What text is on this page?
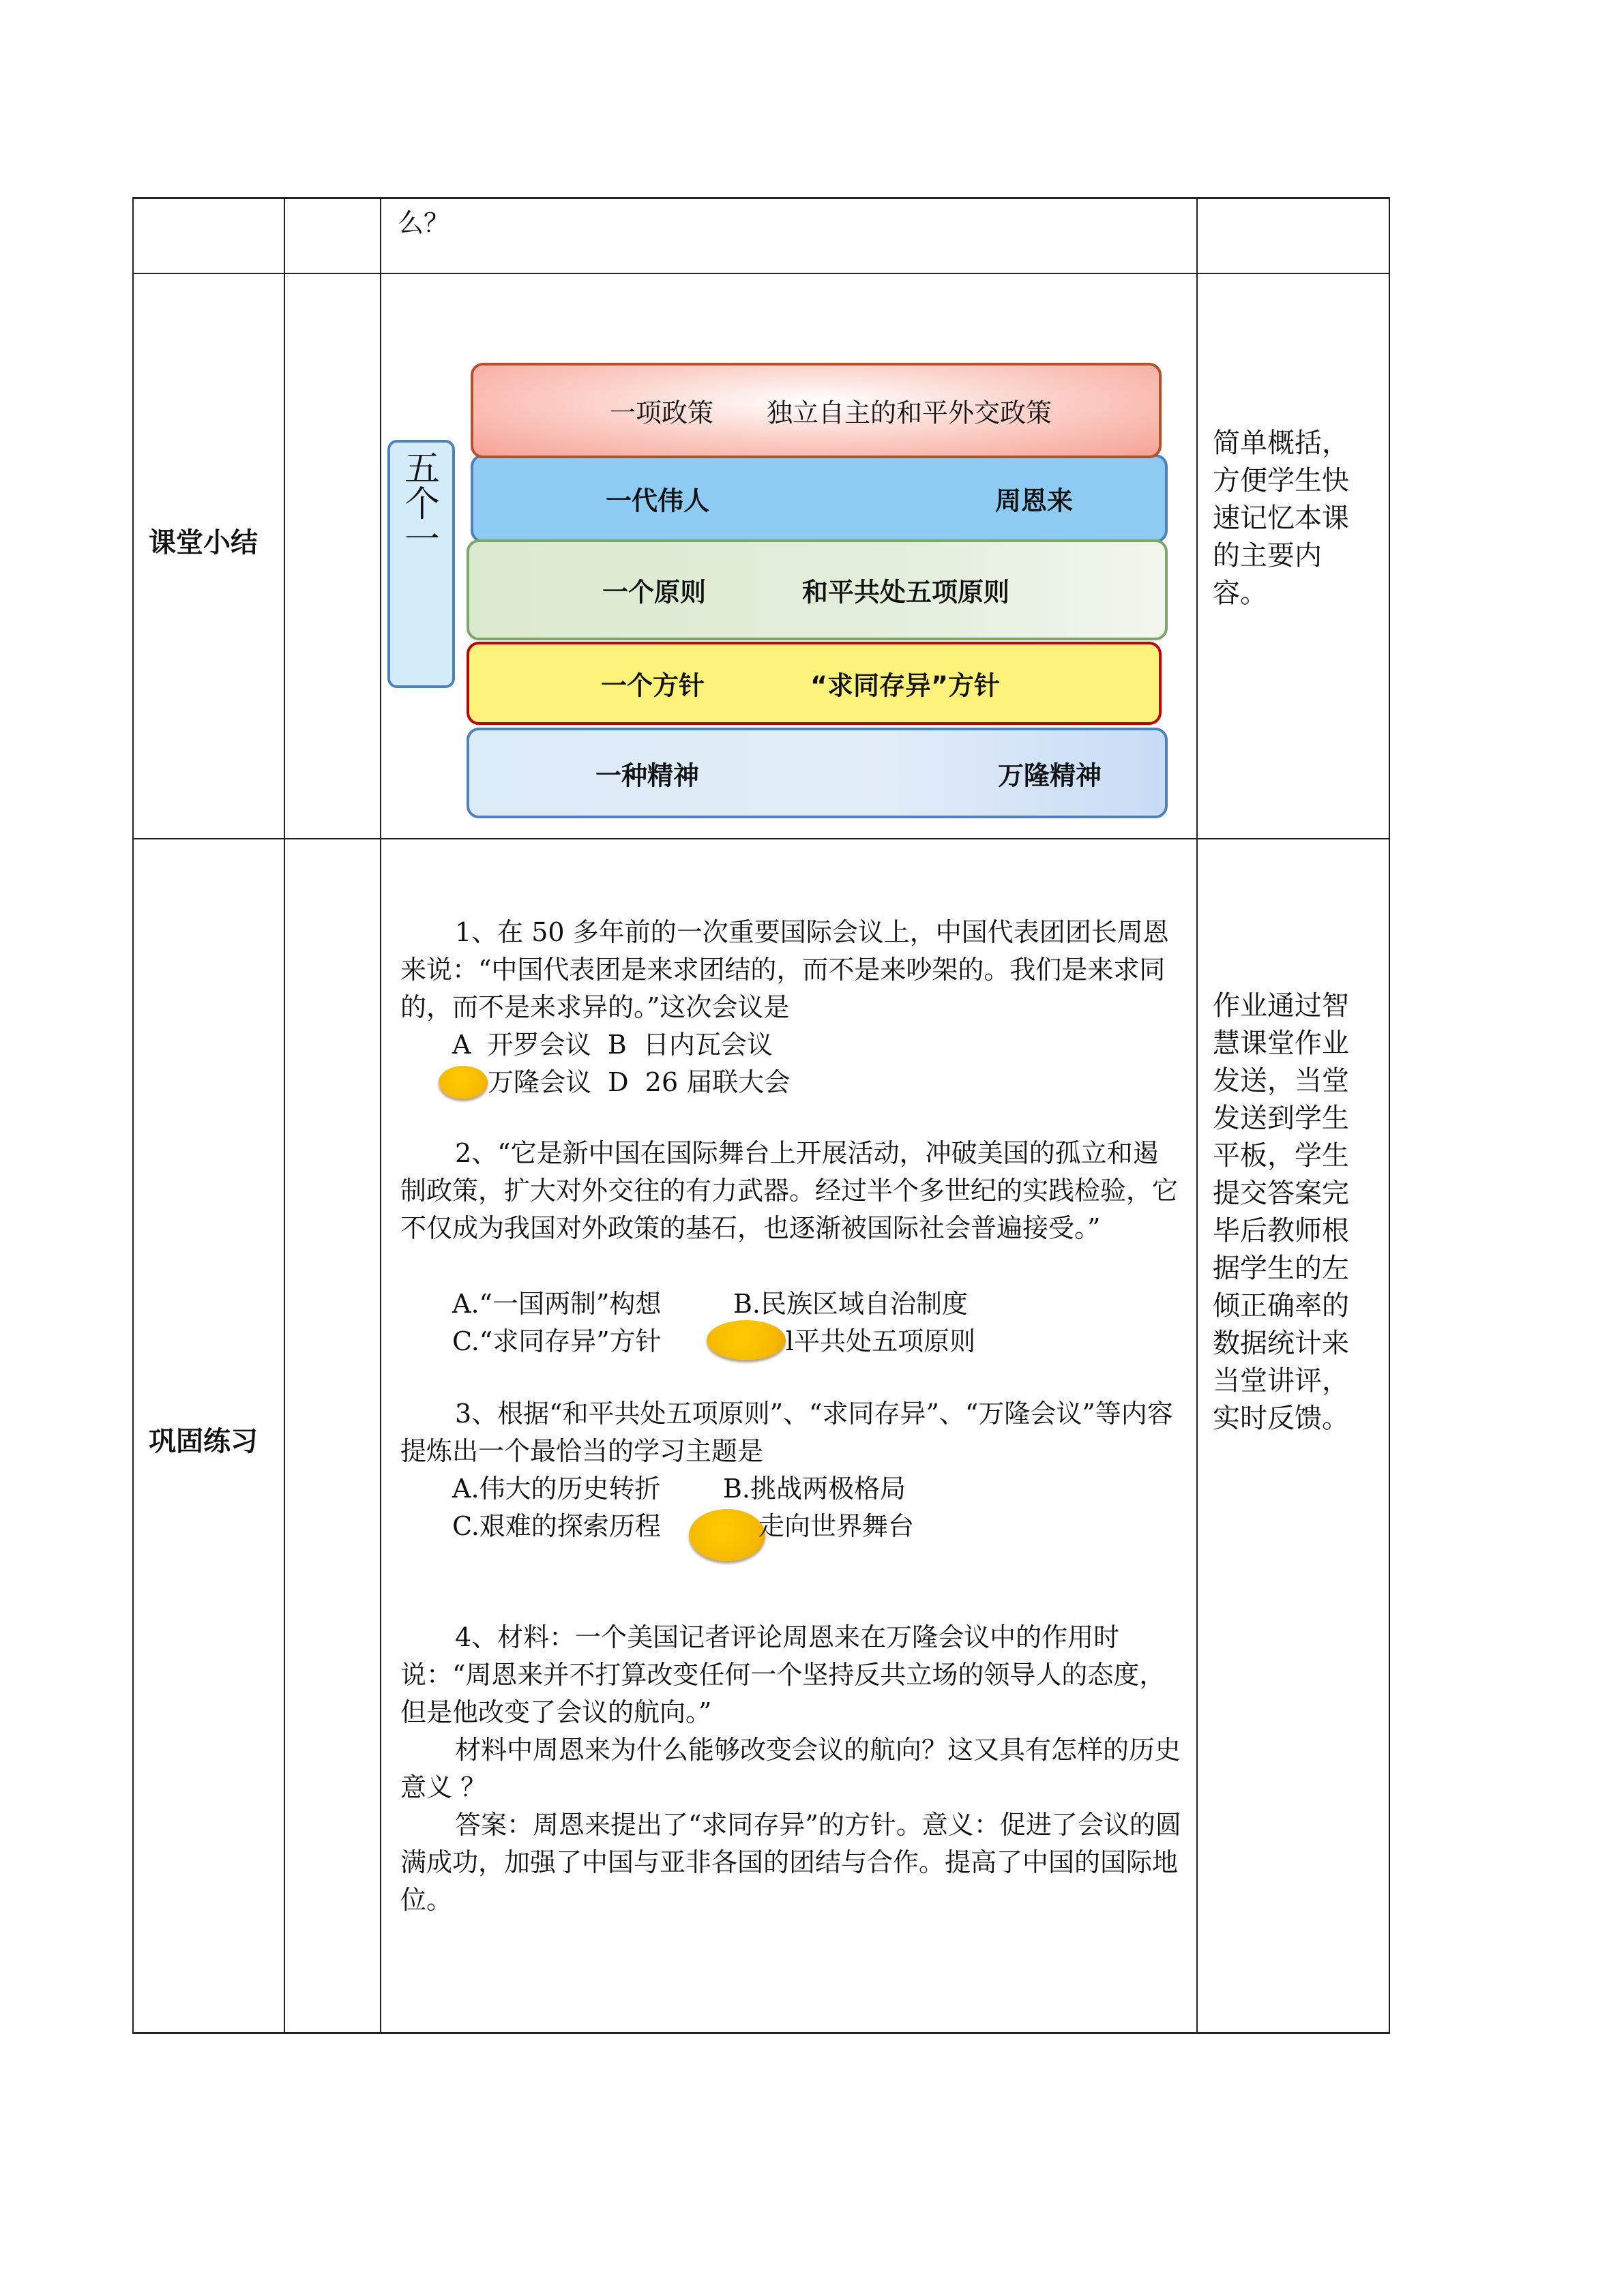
么？
课堂小结	五个一
一项政策 独立自主的和平外交政策
一代伟人	周恩来
一个原则	和平共处五项原则
一个方针	“求同存异”方针
一种精神	万隆精神
简单概括，方便学生快速记忆本课的主要内容。
巩固练习
1、在 50 多年前的一次重要国际会议上，中国代表团团长周恩来说：“中国代表团是来求团结的，而不是来吵架的。我们是来求同的，而不是来求异的。”这次会议是
A  开罗会议  B  日内瓦会议
万隆会议  D  26 届联大会
2、“它是新中国在国际舞台上开展活动，冲破美国的孤立和遏制政策，扩大对外交往的有力武器。经过半个多世纪的实践检验，它不仅成为我国对外政策的基石，也逐渐被国际社会普遍接受。”
A.“一国两制”构想	B.民族区域自治制度
C.“求同存异”方针	l平共处五项原则
3、根据“和平共处五项原则”、“求同存异”、“万隆会议”等内容提炼出一个最恰当的学习主题是
A.伟大的历史转折 B.挑战两极格局
C.艰难的探索历程	走向世界舞台
4、材料：一个美国记者评论周恩来在万隆会议中的作用时说：“周恩来并不打算改变任何一个坚持反共立场的领导人的态度，但是他改变了会议的航向。”
材料中周恩来为什么能够改变会议的航向？这又具有怎样的历史意义 ？
答案：周恩来提出了“求同存异”的方针。意义：促进了会议的圆满成功，加强了中国与亚非各国的团结与合作。提高了中国的国际地位。
作业通过智慧课堂作业发送，当堂发送到学生平板，学生提交答案完毕后教师根据学生的左倾正确率的数据统计来当堂讲评，实时反馈。
